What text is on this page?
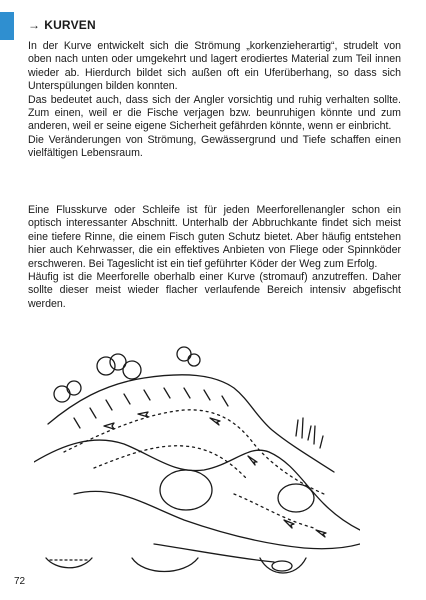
→ KURVEN

In der Kurve entwickelt sich die Strömung „korkenzieherartig“, strudelt von oben nach unten oder umgekehrt und lagert erodiertes Material zum Teil innen wieder ab. Hierdurch bildet sich außen oft ein Uferüberhang, so dass sich Unterspülungen bilden konnten.

Das bedeutet auch, dass sich der Angler vorsichtig und ruhig verhalten sollte. Zum einen, weil er die Fische verjagen bzw. beunruhigen könnte und zum anderen, weil er seine eigene Sicherheit gefährden könnte, wenn er einbricht.

Die Veränderungen von Strömung, Gewässergrund und Tiefe schaffen einen vielfältigen Lebensraum.

Eine Flusskurve oder Schleife ist für jeden Meerforellenangler schon ein optisch interessanter Abschnitt. Unterhalb der Abbruchkante findet sich meist eine tiefere Rinne, die einem Fisch guten Schutz bietet. Aber häufig entstehen hier auch Kehrwasser, die ein effektives Anbieten von Fliege oder Spinnköder erschweren. Bei Tageslicht ist ein tief geführter Köder der Weg zum Erfolg.

Häufig ist die Meerforelle oberhalb einer Kurve (stromauf) anzutreffen. Daher sollte dieser meist wieder flacher verlaufende Bereich intensiv abgefischt werden.

72
